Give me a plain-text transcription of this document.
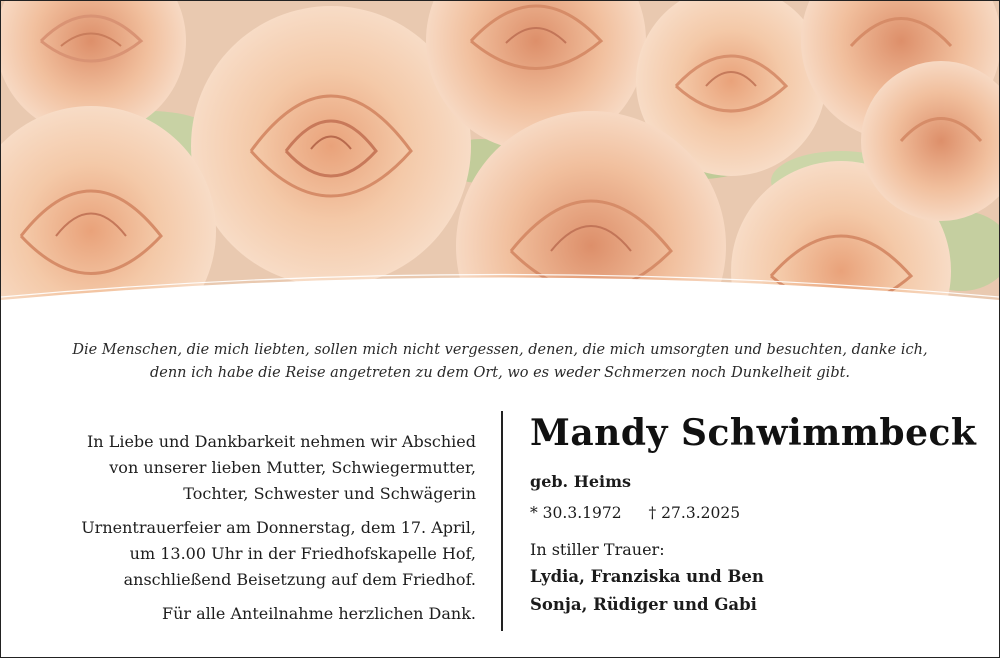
Die Menschen, die mich liebten, sollen mich nicht vergessen, denen, die mich umsorgten und besuchten, danke ich,
denn ich habe die Reise angetreten zu dem Ort, wo es weder Schmerzen noch Dunkelheit gibt.

In Liebe und Dankbarkeit nehmen wir Abschied
von unserer lieben Mutter, Schwiegermutter,
Tochter, Schwester und Schwägerin

Urnentrauerfeier am Donnerstag, dem 17. April,
um 13.00 Uhr in der Friedhofskapelle Hof,
anschließend Beisetzung auf dem Friedhof.

Für alle Anteilnahme herzlichen Dank.

Mandy Schwimmbeck
geb. Heims
* 30.3.1972 † 27.3.2025
In stiller Trauer:
Lydia, Franziska und Ben
Sonja, Rüdiger und Gabi
